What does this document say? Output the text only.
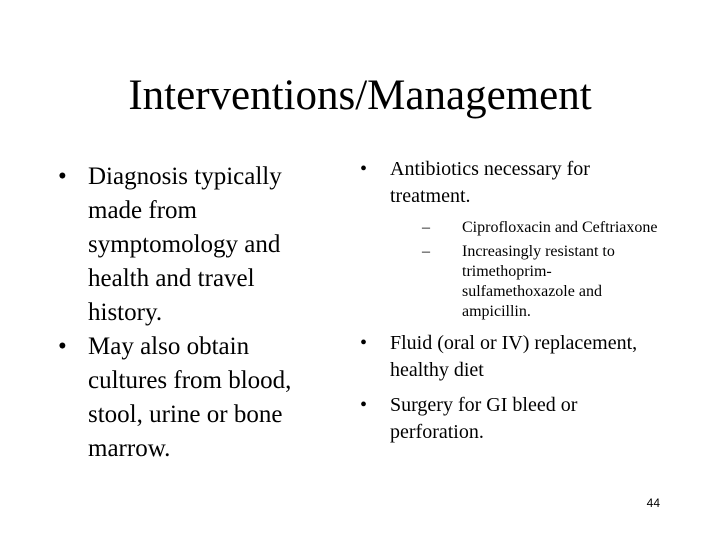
Interventions/Management
• Diagnosis typically made from symptomology and health and travel history.
• May also obtain cultures from blood, stool, urine or bone marrow.
• Antibiotics necessary for treatment.
– Ciprofloxacin and Ceftriaxone
– Increasingly resistant to trimethoprim-sulfamethoxazole and ampicillin.
• Fluid (oral or IV) replacement, healthy diet
• Surgery for GI bleed or perforation.
44
